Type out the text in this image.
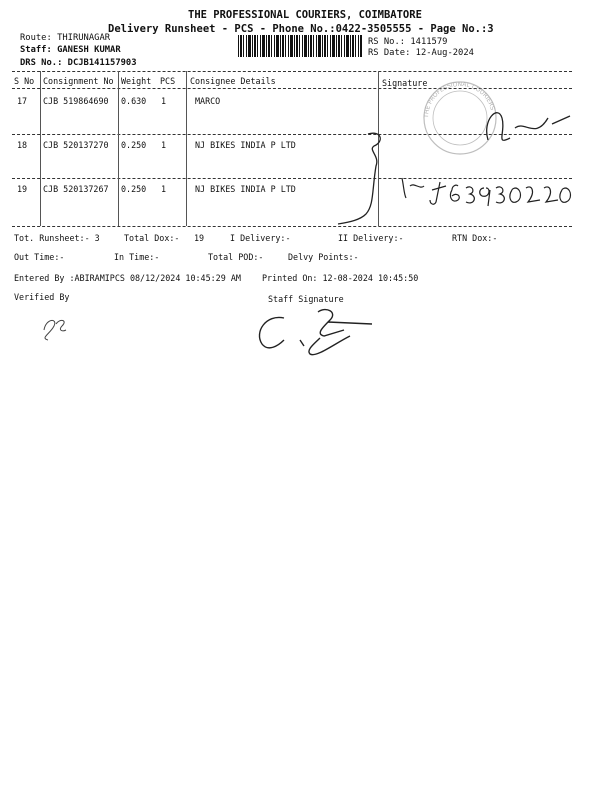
THE PROFESSIONAL COURIERS, COIMBATORE
Delivery Runsheet - PCS - Phone No.:0422-3505555 - Page No.:3
Route: THIRUNAGAR
Staff: GANESH KUMAR
DRS No.: DCJB141157903
RS No.: 1411579
RS Date: 12-Aug-2024
S No Consignment No Weight PCS Consignee Details	Signature
17 CJB 519864690 0.630 1	MARCO
18 CJB 520137270 0.250 1	NJ BIKES INDIA P LTD
19 CJB 520137267 0.250 1	NJ BIKES INDIA P LTD
Tot. Runsheet:- 3	Total Dox:- 19	I Delivery:-	II Delivery:-	RTN Dox:-
Out Time:-	In Time:-	Total POD:-	Delvy Points:-
Entered By :ABIRAMIPCS 08/12/2024 10:45:29 AM	Printed On: 12-08-2024 10:45:50
Verified By	Staff Signature
THE PROFESSIONAL COURIERS
